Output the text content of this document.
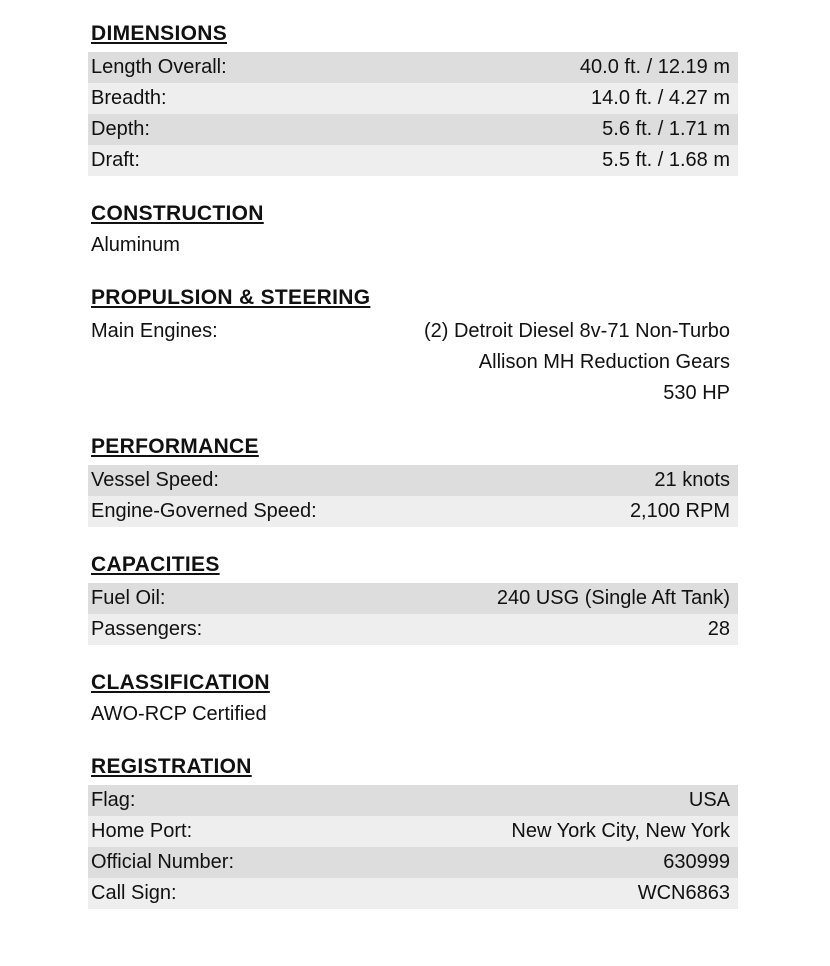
DIMENSIONS
Length Overall:	40.0 ft. / 12.19 m
Breadth:	14.0 ft. / 4.27 m
Depth:	5.6 ft. / 1.71 m
Draft:	5.5 ft. / 1.68 m
CONSTRUCTION
Aluminum
PROPULSION & STEERING
Main Engines:	(2) Detroit Diesel 8v-71 Non-Turbo
Allison MH Reduction Gears
530 HP
PERFORMANCE
Vessel Speed:	21 knots
Engine-Governed Speed:	2,100 RPM
CAPACITIES
Fuel Oil:	240 USG (Single Aft Tank)
Passengers:	28
CLASSIFICATION
AWO-RCP Certified
REGISTRATION
Flag:	USA
Home Port:	New York City, New York
Official Number:	630999
Call Sign:	WCN6863
